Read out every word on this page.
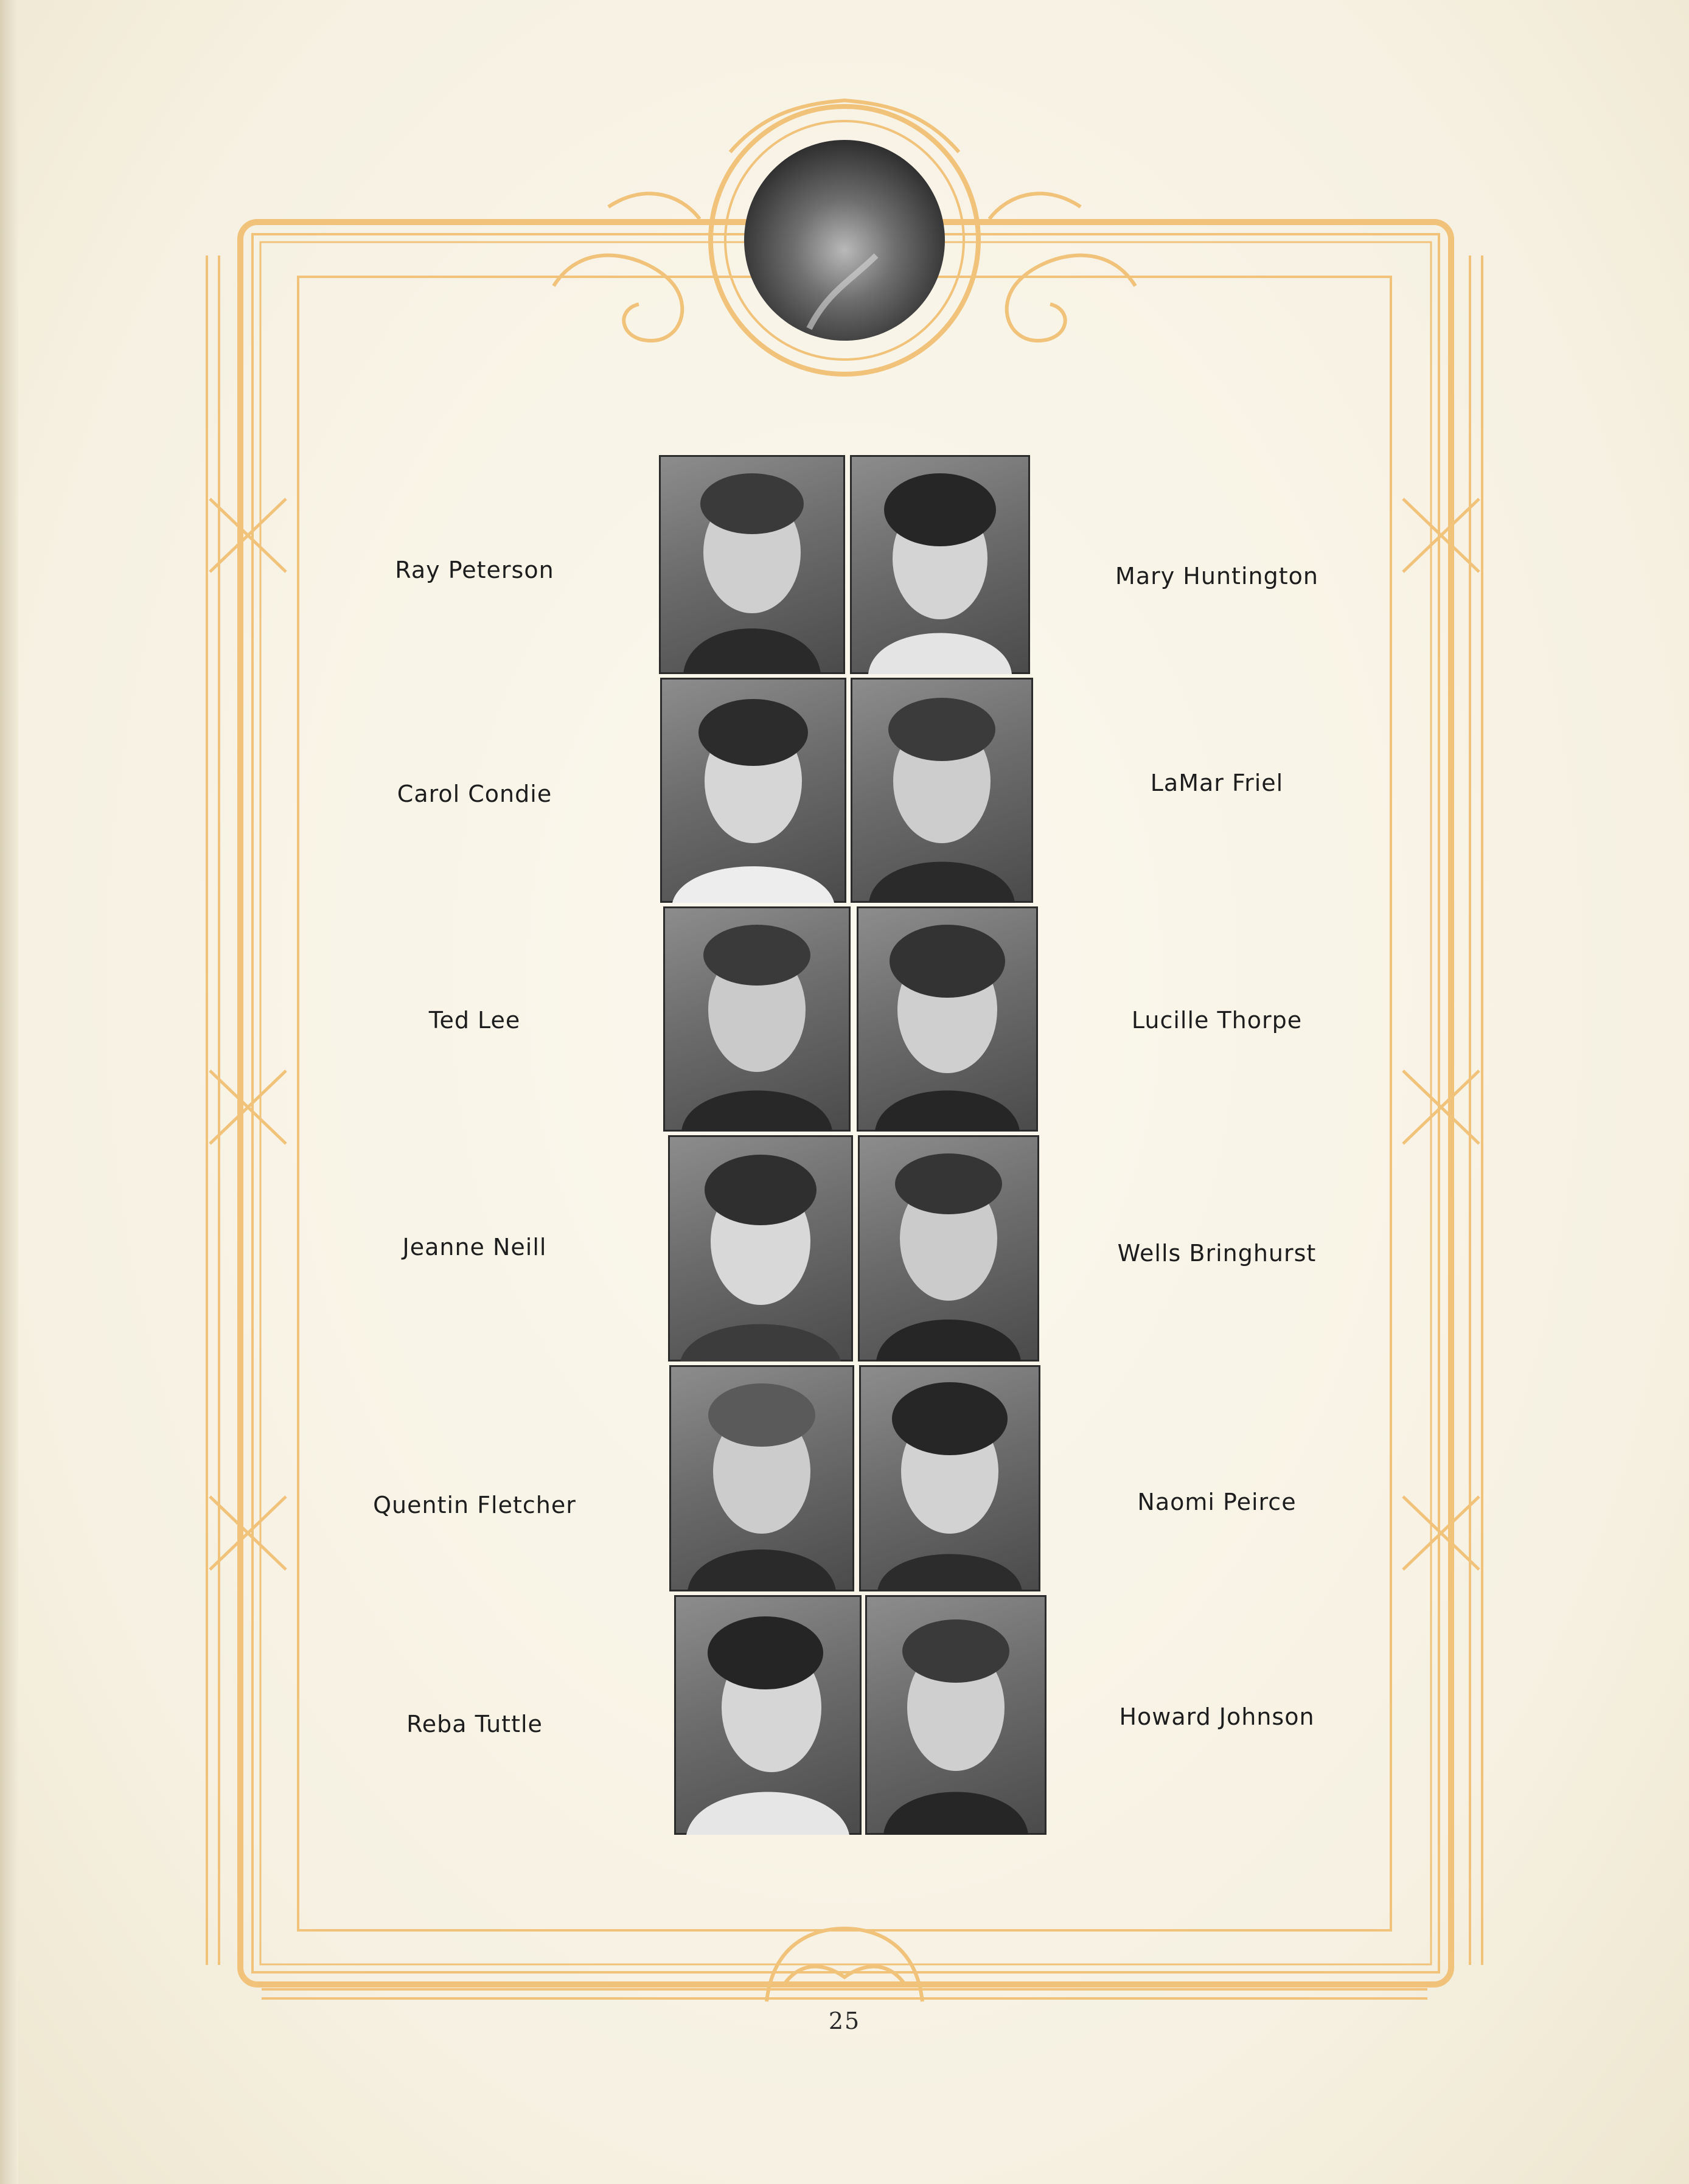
Ray Peterson	Mary Huntington
Carol Condie	LaMar Friel
Ted Lee	Lucille Thorpe
Jeanne Neill	Wells Bringhurst
Quentin Fletcher	Naomi Peirce
Reba Tuttle	Howard Johnson
25
